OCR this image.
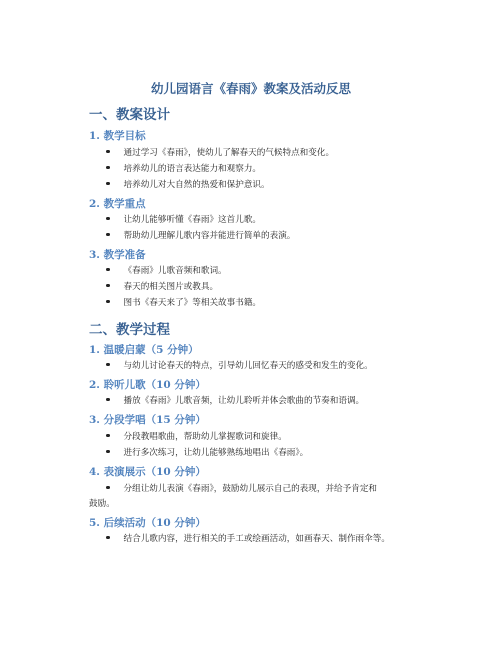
幼儿园语言《春雨》教案及活动反思
一、教案设计
1. 教学目标
通过学习《春雨》，使幼儿了解春天的气候特点和变化。
培养幼儿的语言表达能力和观察力。
培养幼儿对大自然的热爱和保护意识。
2. 教学重点
让幼儿能够听懂《春雨》这首儿歌。
帮助幼儿理解儿歌内容并能进行简单的表演。
3. 教学准备
《春雨》儿歌音频和歌词。
春天的相关图片或教具。
图书《春天来了》等相关故事书籍。
二、教学过程
1. 温暖启蒙（5 分钟）
与幼儿讨论春天的特点，引导幼儿回忆春天的感受和发生的变化。
2. 聆听儿歌（10 分钟）
播放《春雨》儿歌音频，让幼儿聆听并体会歌曲的节奏和语调。
3. 分段学唱（15 分钟）
分段教唱歌曲，帮助幼儿掌握歌词和旋律。
进行多次练习，让幼儿能够熟练地唱出《春雨》。
4. 表演展示（10 分钟）
分组让幼儿表演《春雨》，鼓励幼儿展示自己的表现，并给予肯定和
鼓励。
5. 后续活动（10 分钟）
结合儿歌内容，进行相关的手工或绘画活动，如画春天、制作雨伞等。
